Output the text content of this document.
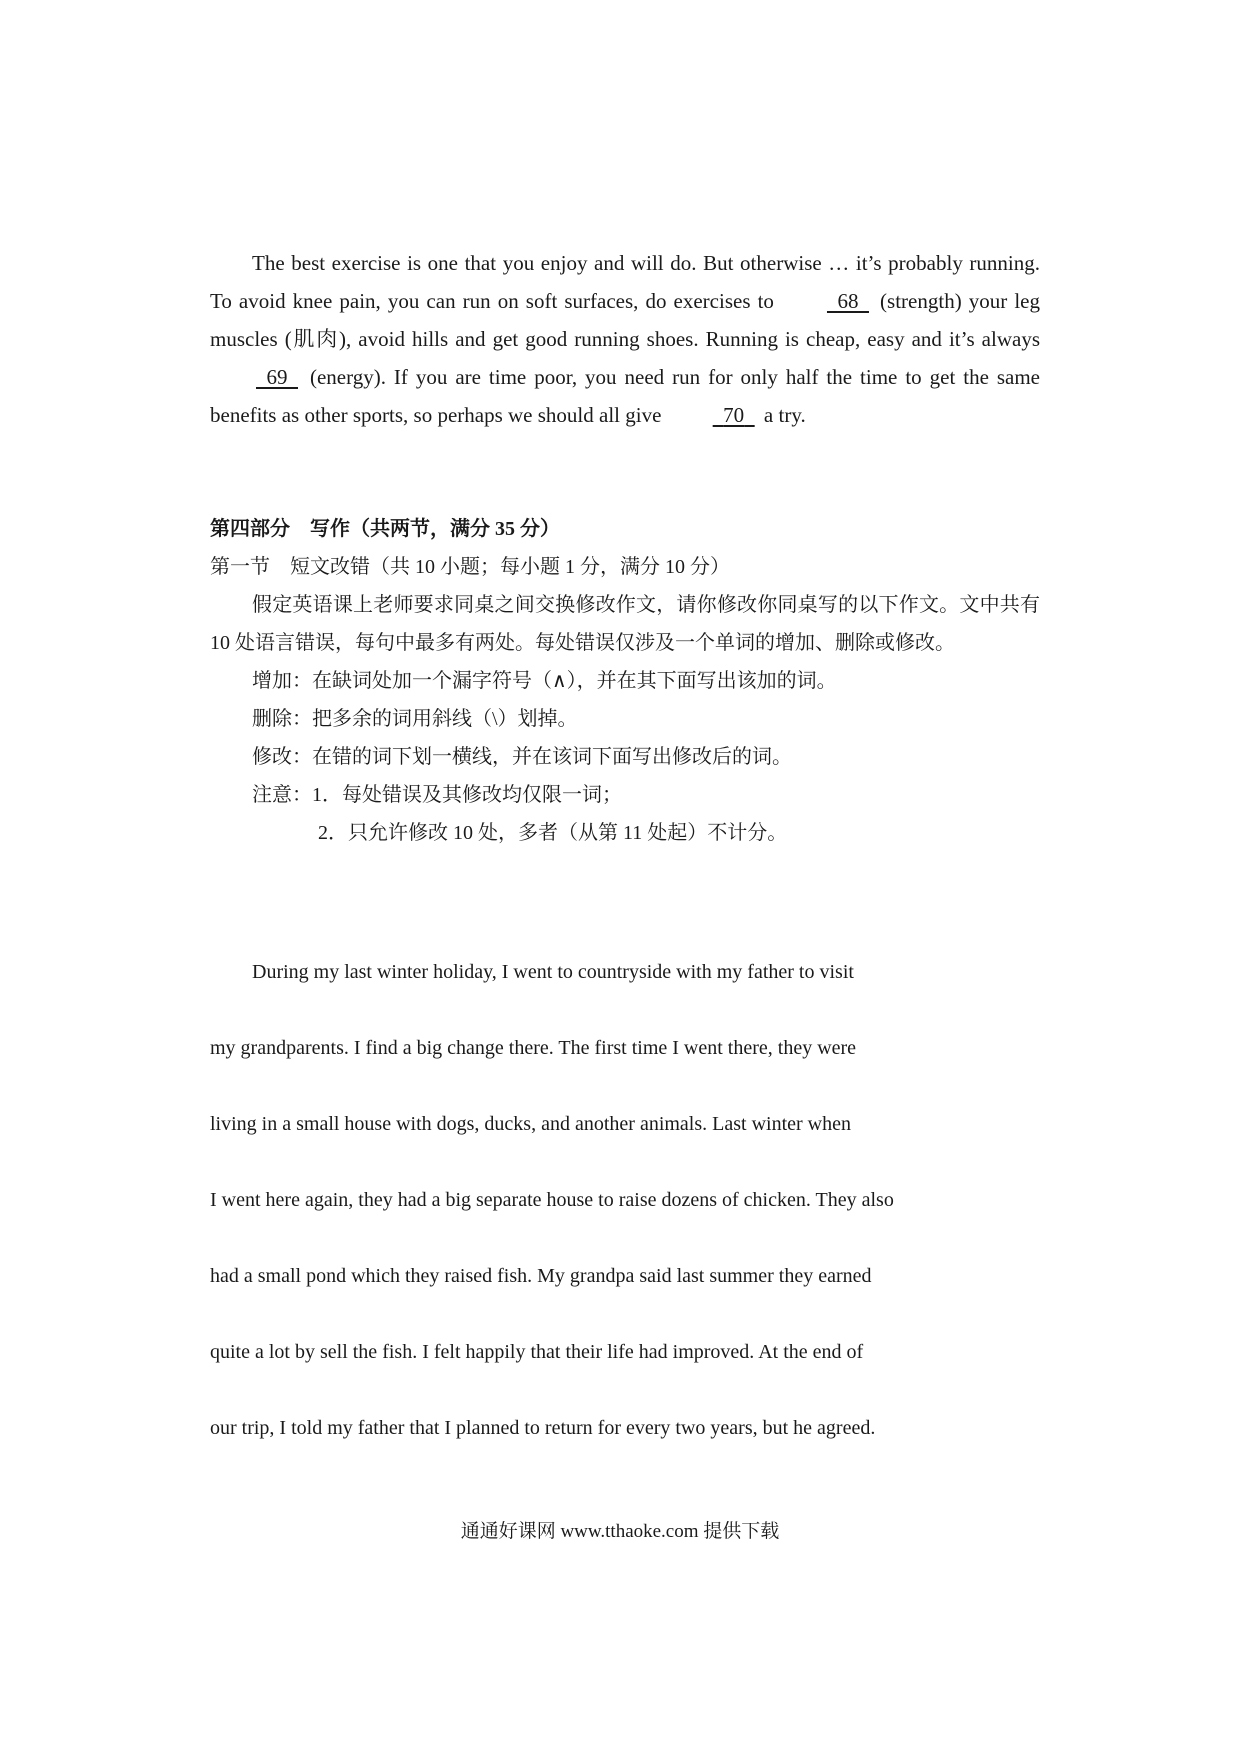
The best exercise is one that you enjoy and will do. But otherwise … it’s probably running. To avoid knee pain, you can run on soft surfaces, do exercises to	68   (strength) your leg muscles (肌肉), avoid hills and get good running shoes. Running is cheap, easy and it’s always   69   (energy). If you are time poor, you need run for only half the time to get the same benefits as other sports, so perhaps we should all give	70   a try.

第四部分　写作（共两节，满分 35 分）

第一节　短文改错（共 10 小题；每小题 1 分，满分 10 分）

假定英语课上老师要求同桌之间交换修改作文，请你修改你同桌写的以下作文。文中共有 10 处语言错误，每句中最多有两处。每处错误仅涉及一个单词的增加、删除或修改。

增加：在缺词处加一个漏字符号（∧），并在其下面写出该加的词。

删除：把多余的词用斜线（\）划掉。

修改：在错的词下划一横线，并在该词下面写出修改后的词。

注意：1．每处错误及其修改均仅限一词；

2．只允许修改 10 处，多者（从第 11 处起）不计分。

During my last winter holiday, I went to countryside with my father to visit
my grandparents. I find a big change there. The first time I went there, they were
living in a small house with dogs, ducks, and another animals. Last winter when
I went here again, they had a big separate house to raise dozens of chicken. They also
had a small pond which they raised fish. My grandpa said last summer they earned
quite a lot by sell the fish. I felt happily that their life had improved. At the end of
our trip, I told my father that I planned to return for every two years, but he agreed.
通通好课网 www.tthaoke.com 提供下载
